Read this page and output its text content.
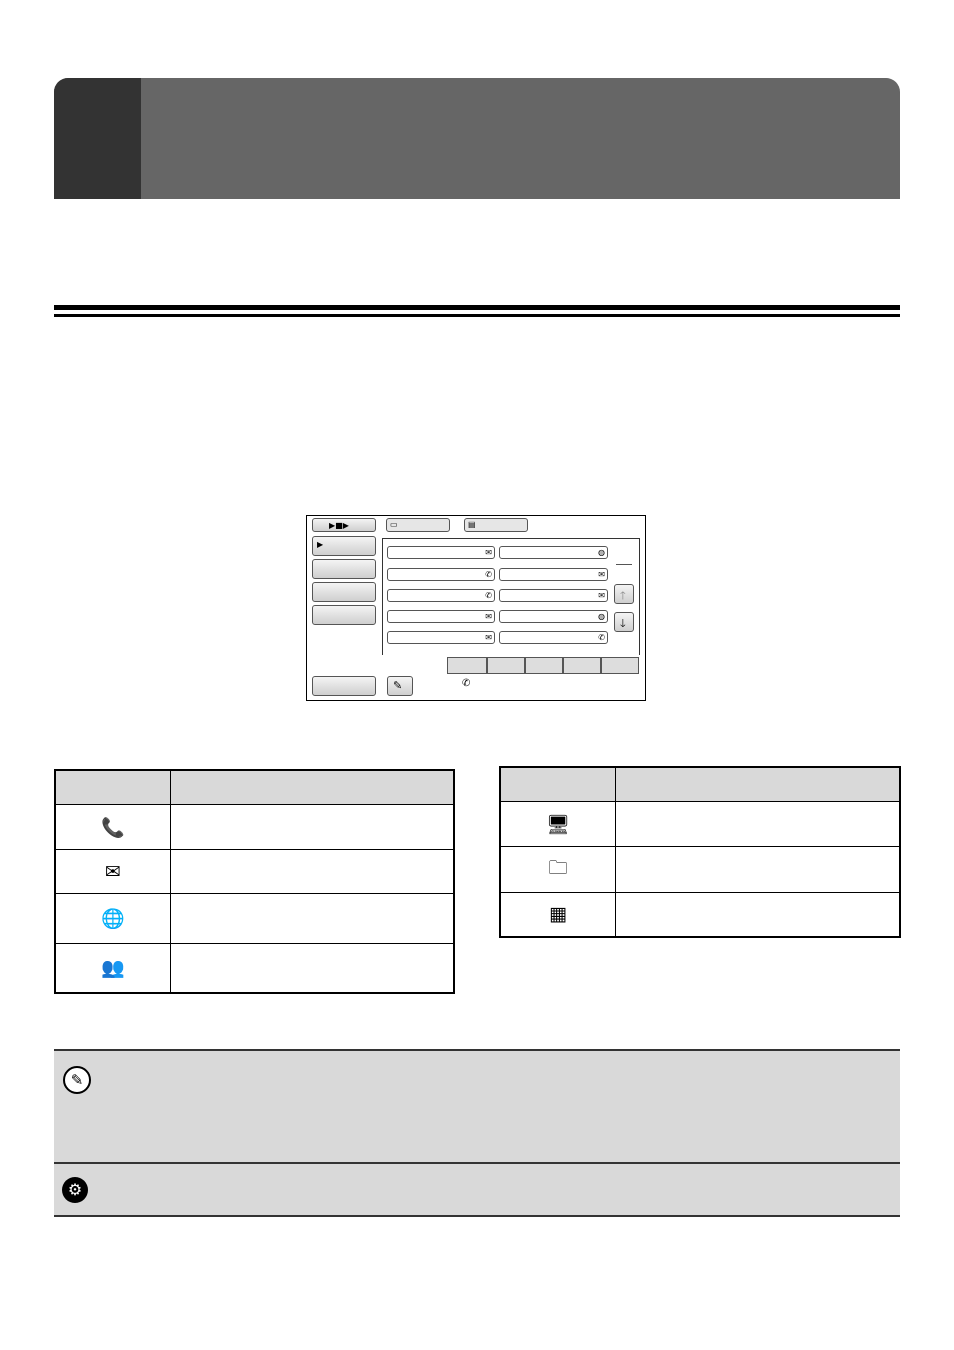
▶■▶
▶
▭	▤
✉
✆
✆
✉
✉
◍
✉
✉
◍
✆
🡑
🡓
✎	✆

📞	
✉	
🌐	
👥	

🖥	
🗀	
▦	
✎
⚙
